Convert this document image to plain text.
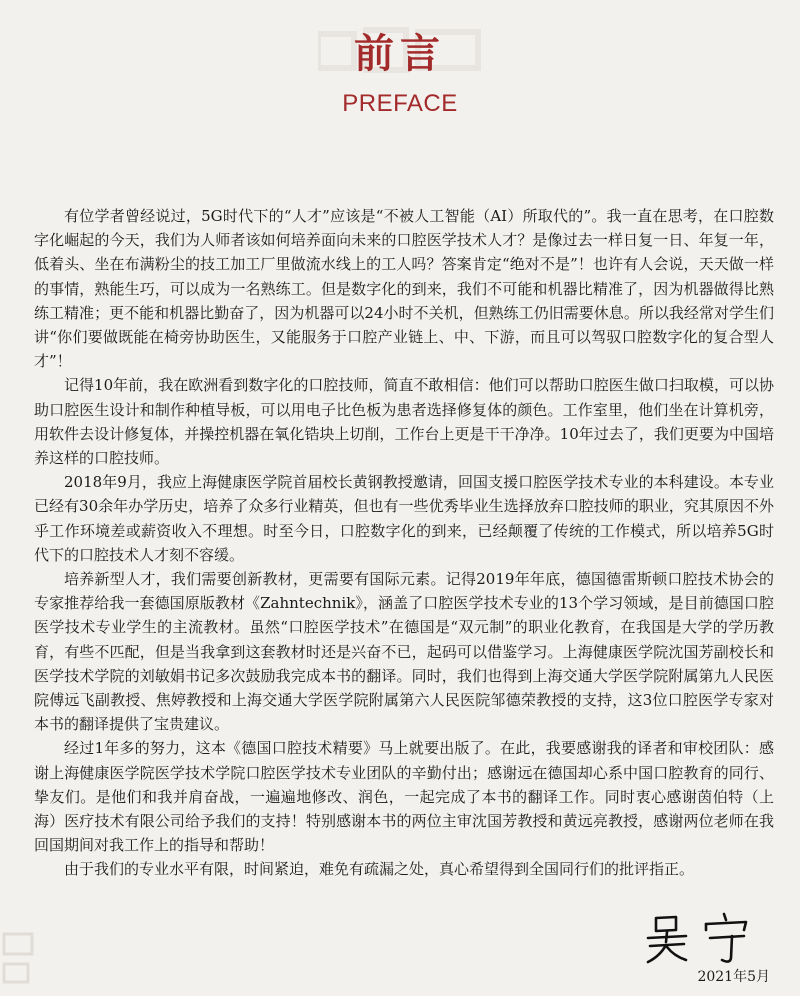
前言
PREFACE

有位学者曾经说过，5G时代下的“人才”应该是“不被人工智能（AI）所取代的”。我一直在思考，在口腔数字化崛起的今天，我们为人师者该如何培养面向未来的口腔医学技术人才？是像过去一样日复一日、年复一年，低着头、坐在布满粉尘的技工加工厂里做流水线上的工人吗？答案肯定“绝对不是”！也许有人会说，天天做一样的事情，熟能生巧，可以成为一名熟练工。但是数字化的到来，我们不可能和机器比精准了，因为机器做得比熟练工精准；更不能和机器比勤奋了，因为机器可以24小时不关机，但熟练工仍旧需要休息。所以我经常对学生们讲“你们要做既能在椅旁协助医生，又能服务于口腔产业链上、中、下游，而且可以驾驭口腔数字化的复合型人才”！

记得10年前，我在欧洲看到数字化的口腔技师，简直不敢相信：他们可以帮助口腔医生做口扫取模，可以协助口腔医生设计和制作种植导板，可以用电子比色板为患者选择修复体的颜色。工作室里，他们坐在计算机旁，用软件去设计修复体，并操控机器在氧化锆块上切削，工作台上更是干干净净。10年过去了，我们更要为中国培养这样的口腔技师。

2018年9月，我应上海健康医学院首届校长黄钢教授邀请，回国支援口腔医学技术专业的本科建设。本专业已经有30余年办学历史，培养了众多行业精英，但也有一些优秀毕业生选择放弃口腔技师的职业，究其原因不外乎工作环境差或薪资收入不理想。时至今日，口腔数字化的到来，已经颠覆了传统的工作模式，所以培养5G时代下的口腔技术人才刻不容缓。

培养新型人才，我们需要创新教材，更需要有国际元素。记得2019年年底，德国德雷斯顿口腔技术协会的专家推荐给我一套德国原版教材《Zahntechnik》，涵盖了口腔医学技术专业的13个学习领域，是目前德国口腔医学技术专业学生的主流教材。虽然“口腔医学技术”在德国是“双元制”的职业化教育，在我国是大学的学历教育，有些不匹配，但是当我拿到这套教材时还是兴奋不已，起码可以借鉴学习。上海健康医学院沈国芳副校长和医学技术学院的刘敏娟书记多次鼓励我完成本书的翻译。同时，我们也得到上海交通大学医学院附属第九人民医院傅远飞副教授、焦婷教授和上海交通大学医学院附属第六人民医院邹德荣教授的支持，这3位口腔医学专家对本书的翻译提供了宝贵建议。

经过1年多的努力，这本《德国口腔技术精要》马上就要出版了。在此，我要感谢我的译者和审校团队：感谢上海健康医学院医学技术学院口腔医学技术专业团队的辛勤付出；感谢远在德国却心系中国口腔教育的同行、挚友们。是他们和我并肩奋战，一遍遍地修改、润色，一起完成了本书的翻译工作。同时衷心感谢茵伯特（上海）医疗技术有限公司给予我们的支持！特别感谢本书的两位主审沈国芳教授和黄远亮教授，感谢两位老师在我回国期间对我工作上的指导和帮助！

由于我们的专业水平有限，时间紧迫，难免有疏漏之处，真心希望得到全国同行们的批评指正。

2021年5月
